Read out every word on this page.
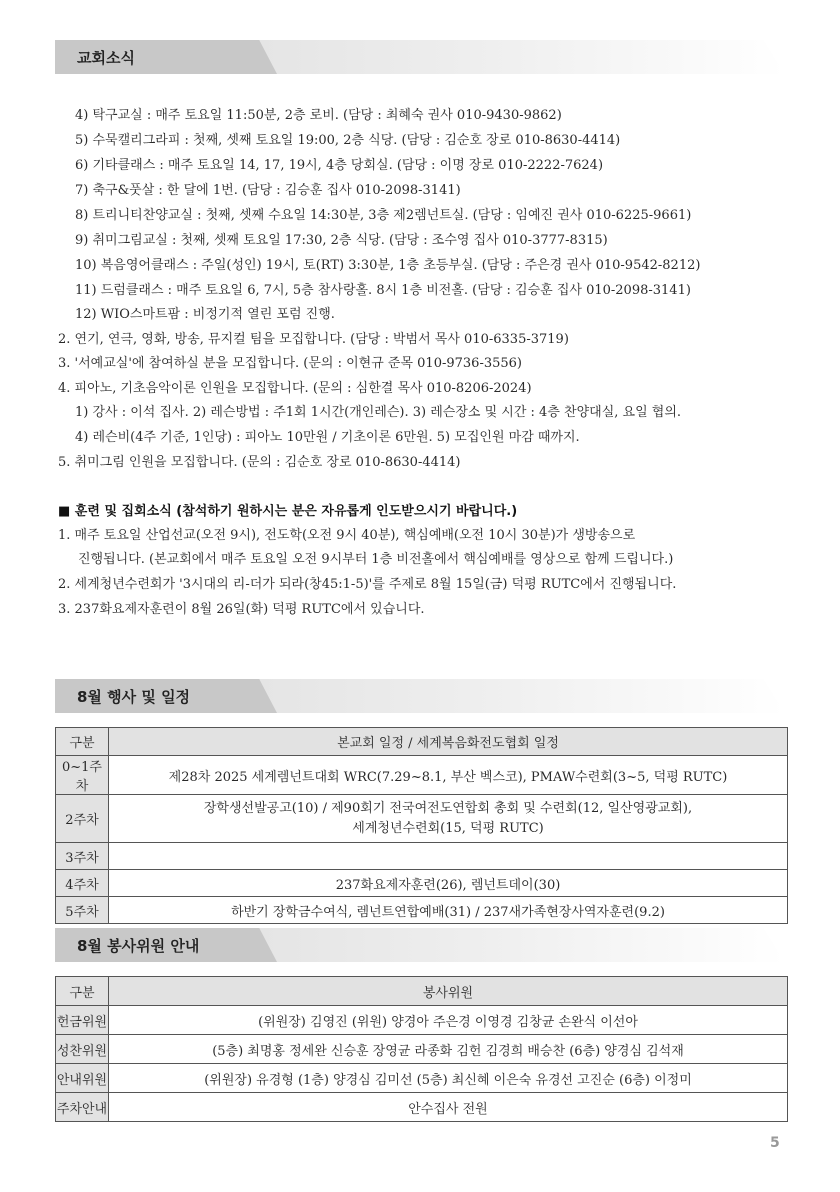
교회소식
4) 탁구교실 : 매주 토요일 11:50분, 2층 로비. (담당 : 최혜숙 권사 010-9430-9862)
5) 수묵캘리그라피 : 첫째, 셋째 토요일 19:00, 2층 식당. (담당 : 김순호 장로 010-8630-4414)
6) 기타클래스 : 매주 토요일 14, 17, 19시, 4층 당회실. (담당 : 이명 장로 010-2222-7624)
7) 축구&풋살 : 한 달에 1번. (담당 : 김승훈 집사 010-2098-3141)
8) 트리니티찬양교실 : 첫째, 셋째 수요일 14:30분, 3층 제2렘넌트실. (담당 : 임예진 권사 010-6225-9661)
9) 취미그림교실 : 첫째, 셋째 토요일 17:30, 2층 식당. (담당 : 조수영 집사 010-3777-8315)
10) 복음영어클래스 : 주일(성인) 19시, 토(RT) 3:30분, 1층 초등부실. (담당 : 주은경 권사 010-9542-8212)
11) 드럼클래스 : 매주 토요일 6, 7시, 5층 참사랑홀. 8시 1층 비전홀. (담당 : 김승훈 집사 010-2098-3141)
12) WIO스마트팜 : 비정기적 열린 포럼 진행.
2. 연기, 연극, 영화, 방송, 뮤지컬 팀을 모집합니다. (담당 : 박범서 목사 010-6335-3719)
3. '서예교실'에 참여하실 분을 모집합니다. (문의 : 이현규 준목 010-9736-3556)
4. 피아노, 기초음악이론 인원을 모집합니다. (문의 : 심한결 목사 010-8206-2024)
1) 강사 : 이석 집사. 2) 레슨방법 : 주1회 1시간(개인레슨). 3) 레슨장소 및 시간 : 4층 찬양대실, 요일 협의.
4) 레슨비(4주 기준, 1인당) : 피아노 10만원 / 기초이론 6만원. 5) 모집인원 마감 때까지.
5. 취미그림 인원을 모집합니다. (문의 : 김순호 장로 010-8630-4414)
■ 훈련 및 집회소식 (참석하기 원하시는 분은 자유롭게 인도받으시기 바랍니다.)
1. 매주 토요일 산업선교(오전 9시), 전도학(오전 9시 40분), 핵심예배(오전 10시 30분)가 생방송으로
진행됩니다. (본교회에서 매주 토요일 오전 9시부터 1층 비전홀에서 핵심예배를 영상으로 함께 드립니다.)
2. 세계청년수련회가 '3시대의 리-더가 되라(창45:1-5)'를 주제로 8월 15일(금) 덕평 RUTC에서 진행됩니다.
3. 237화요제자훈련이 8월 26일(화) 덕평 RUTC에서 있습니다.
8월 행사 및 일정
구분	본교회 일정 / 세계복음화전도협회 일정
0~1주차	제28차 2025 세계렘넌트대회 WRC(7.29~8.1, 부산 벡스코), PMAW수련회(3~5, 덕평 RUTC)
2주차	장학생선발공고(10) / 제90회기 전국여전도연합회 총회 및 수련회(12, 일산영광교회),
세계청년수련회(15, 덕평 RUTC)
3주차	
4주차	237화요제자훈련(26), 렘넌트데이(30)
5주차	하반기 장학금수여식, 렘넌트연합예배(31) / 237새가족현장사역자훈련(9.2)
8월 봉사위원 안내
구분	봉사위원
헌금위원	(위원장) 김영진 (위원) 양경아 주은경 이영경 김창균 손완식 이선아
성찬위원	(5층) 최명홍 정세완 신승훈 장영균 라종화 김헌 김경희 배승찬 (6층) 양경심 김석재
안내위원	(위원장) 유경형 (1층) 양경심 김미선 (5층) 최신혜 이은숙 유경선 고진순 (6층) 이정미
주차안내	안수집사 전원
5
